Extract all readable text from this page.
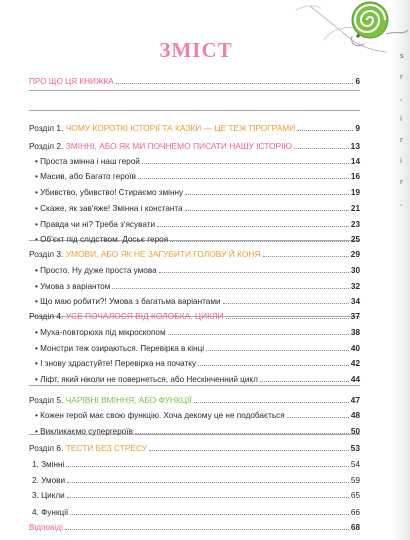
s
r
,
i
r
i
r
,
ЗМІСТ
ПРО ЩО ЦЯ КНИЖКА	6
Розділ 1. ЧОМУ КОРОТКІ ІСТОРІЇ ТА КАЗКИ — ЦЕ ТЕЖ ПРОГРАМИ	9
Розділ 2. ЗМІННІ, АБО ЯК МИ ПОЧНЕМО ПИСАТИ НАШУ ІСТОРІЮ	13
• Проста змінна і наш герой	14
• Масив, або Багато героїв	16
• Убивство, убивство! Стираємо змінну	19
• Скаже, як зав'яже! Змінна і константа	21
• Правда чи ні? Треба з'ясувати	23
• Об'єкт під слідством. Досьє героя	25
Розділ 3. УМОВИ, АБО ЯК НЕ ЗАГУБИТИ ГОЛОВУ Й КОНЯ	29
• Просто. Ну дуже проста умова	30
• Умова з варіантом	32
• Що маю робити?! Умова з багатьма варіантами	34
Розділ 4. УСЕ ПОЧАЛОСЯ ВІД КОЛОБКА. ЦИКЛИ	37
• Муха-повторюха під мікроскопом	38
• Монстри теж озираються. Перевірка в кінці	40
• І знову здрастуйте! Перевірка на початку	42
• Ліфт, який ніколи не повернеться, або Нескінченний цикл	44
Розділ 5. ЧАРІВНІ ВМІННЯ, АБО ФУНКЦІЇ	47
• Кожен герой має свою функцію. Хоча декому це не подобається	48
• Викликаємо супергероїв	50
Розділ 6. ТЕСТИ БЕЗ СТРЕСУ	53
1. Змінні	54
2. Умови	59
3. Цикли	65
4. Функції	66
Відповіді	68
